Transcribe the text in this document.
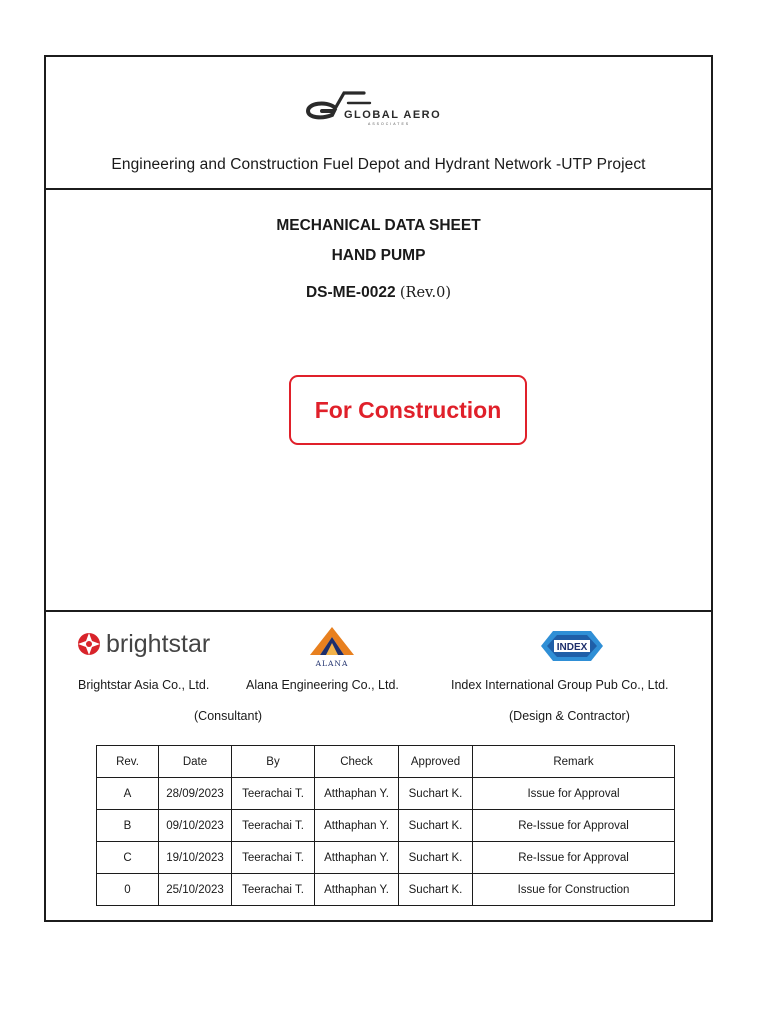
GLOBAL AERO
ASSOCIATES
Engineering and Construction Fuel Depot and Hydrant Network -UTP Project
MECHANICAL DATA SHEET
HAND PUMP
DS-ME-0022 (Rev.0)
For Construction
brightstar
ALANA
INDEX
Brightstar Asia Co., Ltd.	Alana Engineering Co., Ltd.	Index International Group Pub Co., Ltd.
(Consultant)	(Design & Contractor)
Rev.	Date	By	Check	Approved	Remark
A	28/09/2023	Teerachai T.	Atthaphan Y.	Suchart K.	Issue for Approval
B	09/10/2023	Teerachai T.	Atthaphan Y.	Suchart K.	Re-Issue for Approval
C	19/10/2023	Teerachai T.	Atthaphan Y.	Suchart K.	Re-Issue for Approval
0	25/10/2023	Teerachai T.	Atthaphan Y.	Suchart K.	Issue for Construction
